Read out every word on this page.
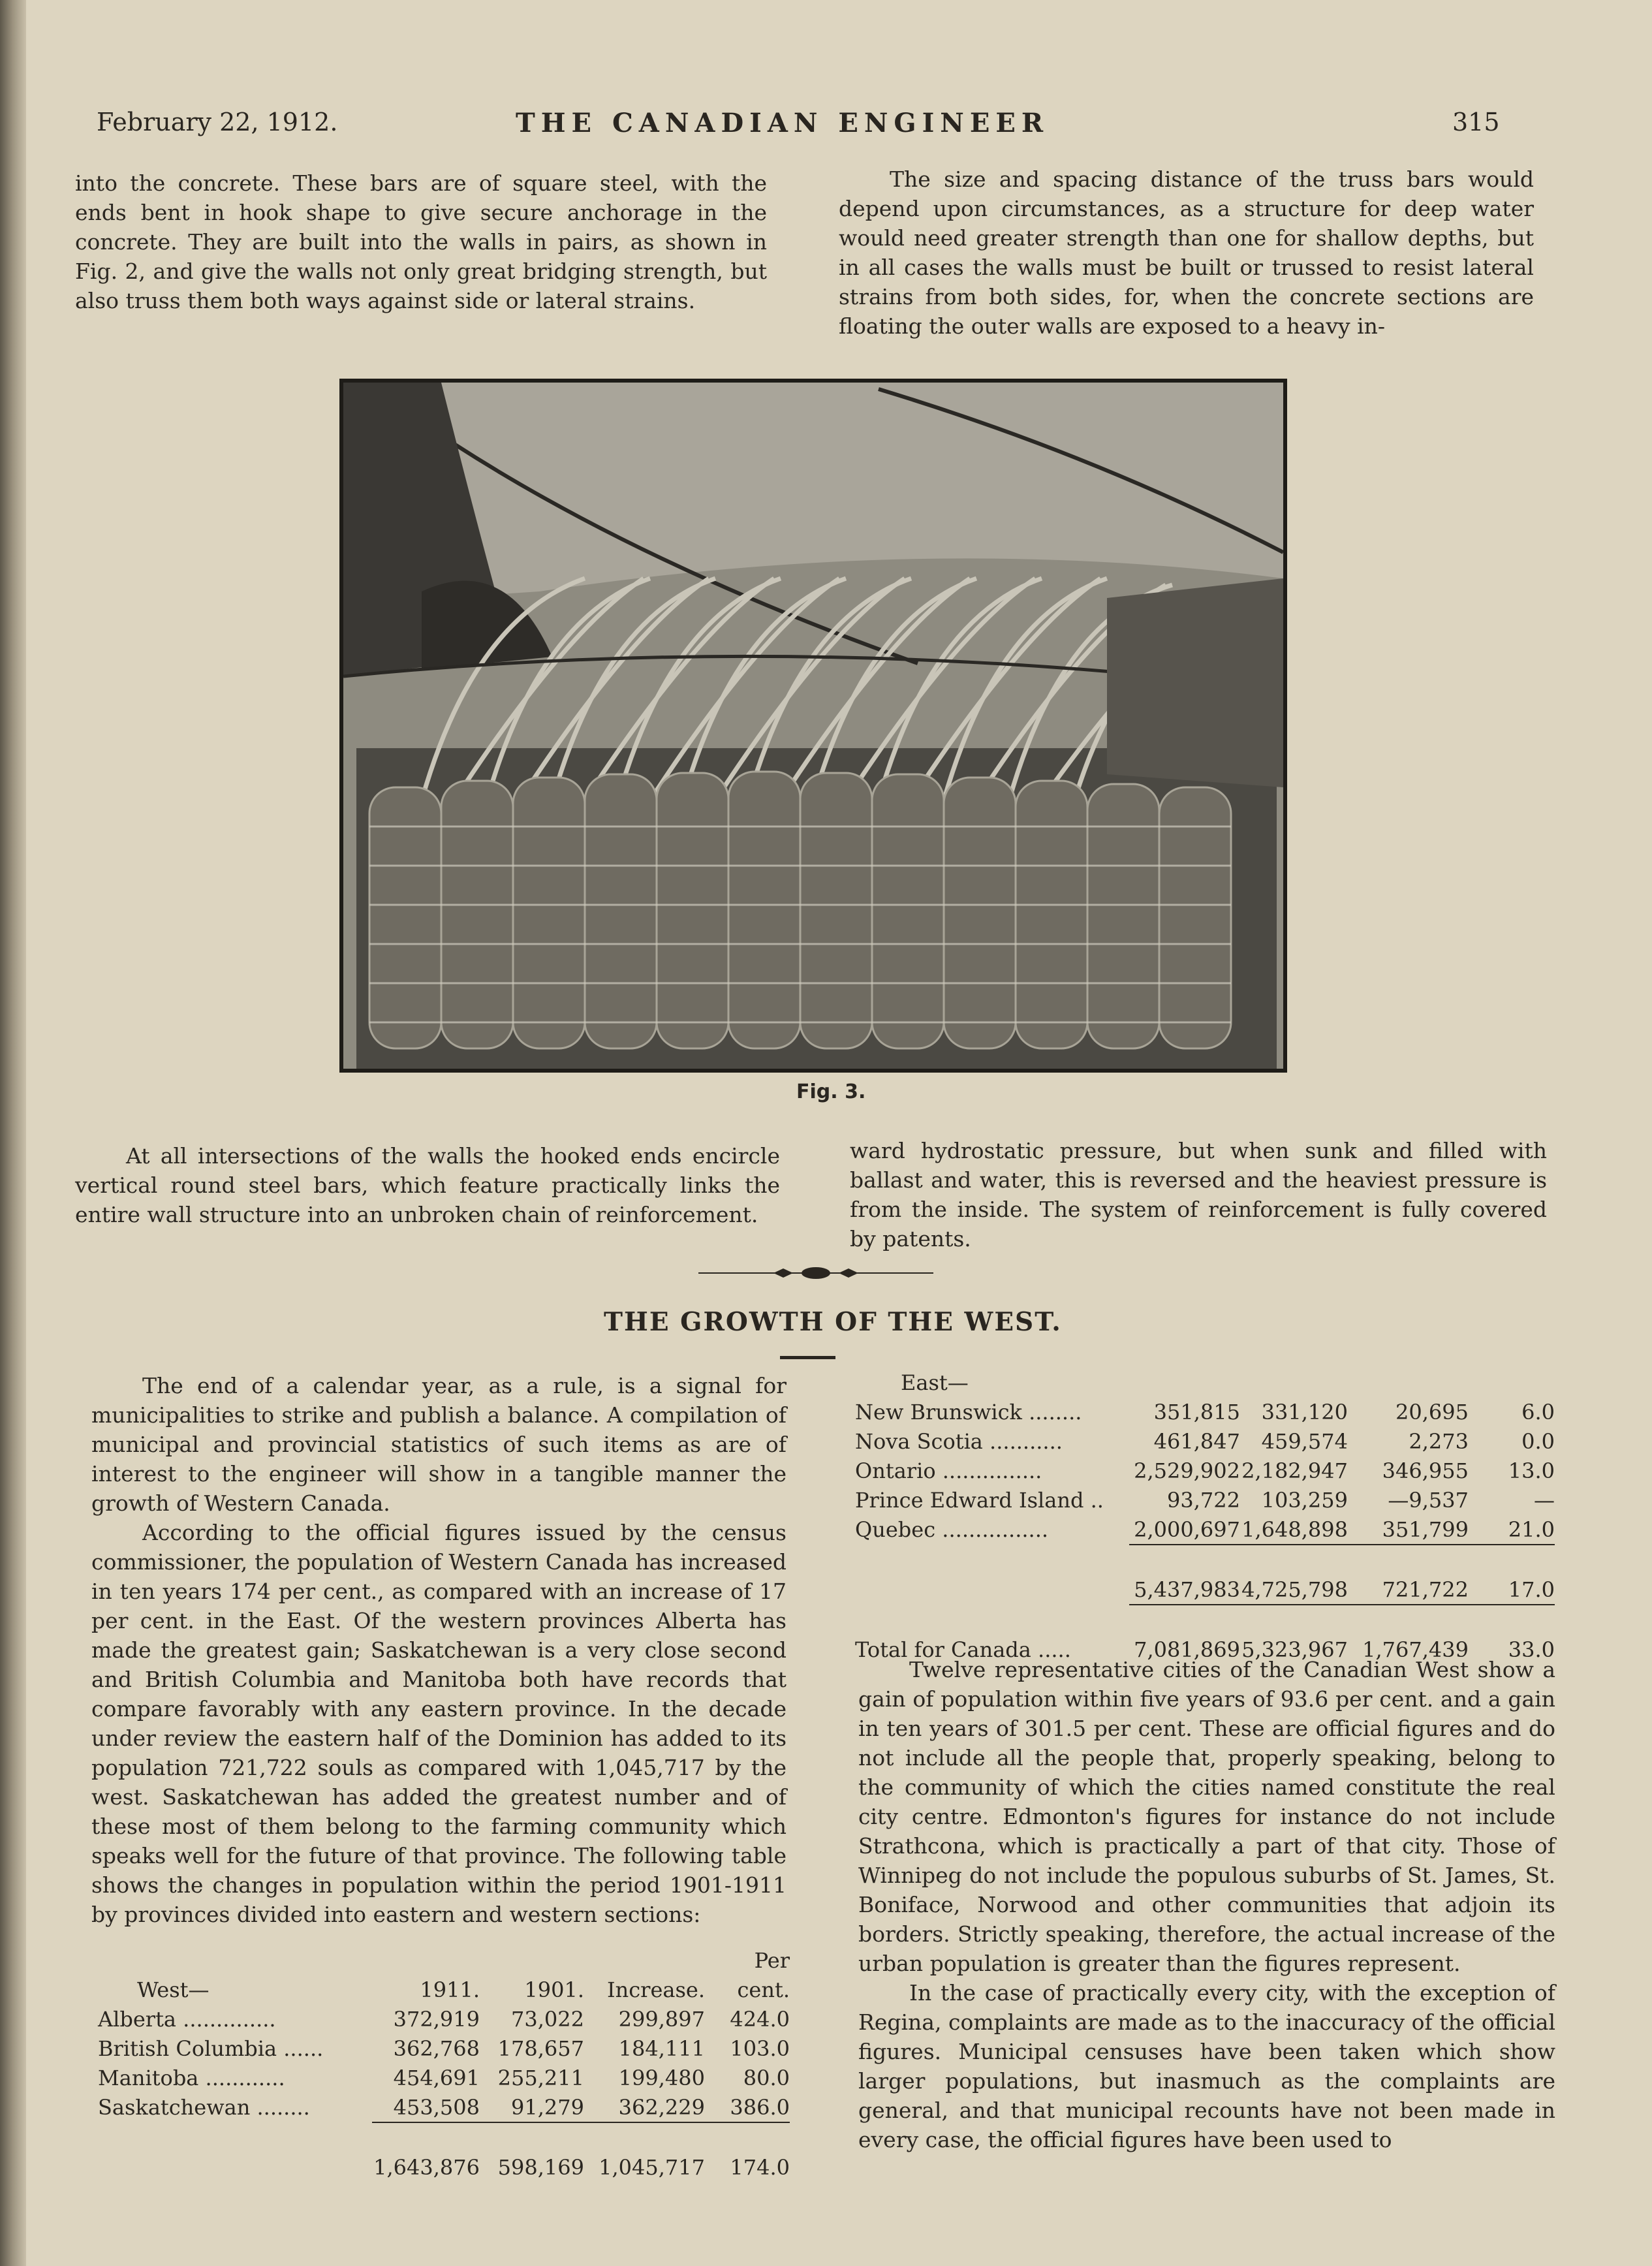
February 22, 1912.	THE CANADIAN ENGINEER	315

into the concrete. These bars are of square steel, with the ends bent in hook shape to give secure anchorage in the concrete. They are built into the walls in pairs, as shown in Fig. 2, and give the walls not only great bridging strength, but also truss them both ways against side or lateral strains.

The size and spacing distance of the truss bars would depend upon circumstances, as a structure for deep water would need greater strength than one for shallow depths, but in all cases the walls must be built or trussed to resist lateral strains from both sides, for, when the concrete sections are floating the outer walls are exposed to a heavy in-

Fig. 3.

At all intersections of the walls the hooked ends encircle vertical round steel bars, which feature practically links the entire wall structure into an unbroken chain of reinforcement.

ward hydrostatic pressure, but when sunk and filled with ballast and water, this is reversed and the heaviest pressure is from the inside. The system of reinforcement is fully covered by patents.

THE GROWTH OF THE WEST.

The end of a calendar year, as a rule, is a signal for municipalities to strike and publish a balance. A compilation of municipal and provincial statistics of such items as are of interest to the engineer will show in a tangible manner the growth of Western Canada.

According to the official figures issued by the census commissioner, the population of Western Canada has increased in ten years 174 per cent., as compared with an increase of 17 per cent. in the East. Of the western provinces Alberta has made the greatest gain; Saskatchewan is a very close second and British Columbia and Manitoba both have records that compare favorably with any eastern province. In the decade under review the eastern half of the Dominion has added to its population 721,722 souls as compared with 1,045,717 by the west. Saskatchewan has added the greatest number and of these most of them belong to the farming community which speaks well for the future of that province. The following table shows the changes in population within the period 1901-1911 by provinces divided into eastern and western sections:

				Per
West—	1911.	1901.	Increase.	cent.
Alberta ..............	372,919	73,022	299,897	424.0
British Columbia ......	362,768	178,657	184,111	103.0
Manitoba ............	454,691	255,211	199,480	80.0
Saskatchewan ........	453,508	91,279	362,229	386.0

	1,643,876	598,169	1,045,717	174.0
East—				
New Brunswick ........	351,815	331,120	20,695	6.0
Nova Scotia ...........	461,847	459,574	2,273	0.0
Ontario ...............	2,529,902	2,182,947	346,955	13.0
Prince Edward Island ..	93,722	103,259	—9,537	—
Quebec ................	2,000,697	1,648,898	351,799	21.0

	5,437,983	4,725,798	721,722	17.0

Total for Canada .....	7,081,869	5,323,967	1,767,439	33.0

Twelve representative cities of the Canadian West show a gain of population within five years of 93.6 per cent. and a gain in ten years of 301.5 per cent. These are official figures and do not include all the people that, properly speaking, belong to the community of which the cities named constitute the real city centre. Edmonton's figures for instance do not include Strathcona, which is practically a part of that city. Those of Winnipeg do not include the populous suburbs of St. James, St. Boniface, Norwood and other communities that adjoin its borders. Strictly speaking, therefore, the actual increase of the urban population is greater than the figures represent.

In the case of practically every city, with the exception of Regina, complaints are made as to the inaccuracy of the official figures. Municipal censuses have been taken which show larger populations, but inasmuch as the complaints are general, and that municipal recounts have not been made in every case, the official figures have been used to
